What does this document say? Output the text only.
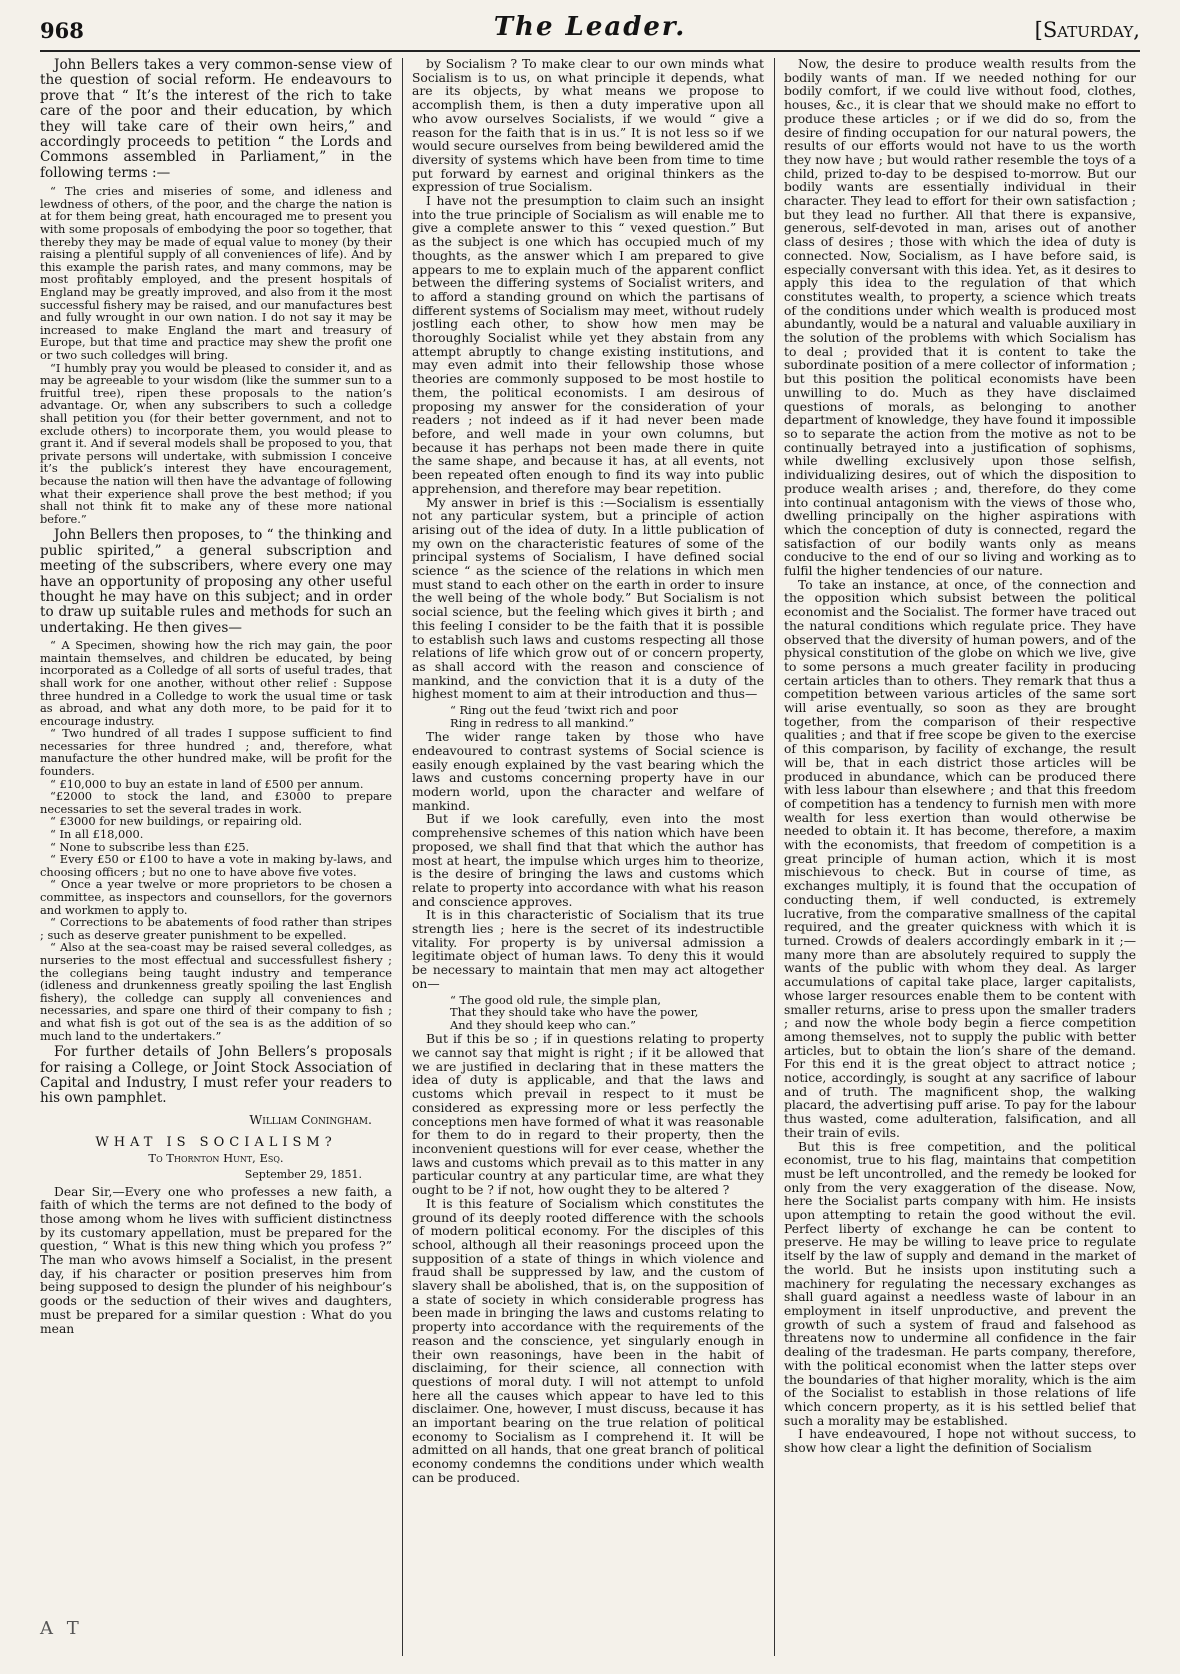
968	The Leader.	[Saturday,

John Bellers takes a very common-sense view of the question of social reform. He endeavours to prove that “ It’s the interest of the rich to take care of the poor and their education, by which they will take care of their own heirs,” and accordingly proceeds to petition “ the Lords and Commons assembled in Parliament,” in the following terms :—

“ The cries and miseries of some, and idleness and lewdness of others, of the poor, and the charge the nation is at for them being great, hath encouraged me to present you with some proposals of embodying the poor so together, that thereby they may be made of equal value to money (by their raising a plentiful supply of all conveniences of life). And by this example the parish rates, and many commons, may be most profitably employed, and the present hospitals of England may be greatly improved, and also from it the most successful fishery may be raised, and our manufactures best and fully wrought in our own nation. I do not say it may be increased to make England the mart and treasury of Europe, but that time and practice may shew the profit one or two such colledges will bring.

“I humbly pray you would be pleased to consider it, and as may be agreeable to your wisdom (like the summer sun to a fruitful tree), ripen these proposals to the nation’s advantage. Or, when any subscribers to such a colledge shall petition you (for their better government, and not to exclude others) to incorporate them, you would please to grant it. And if several models shall be proposed to you, that private persons will undertake, with submission I conceive it’s the publick’s interest they have encouragement, because the nation will then have the advantage of following what their experience shall prove the best method; if you shall not think fit to make any of these more national before.”

John Bellers then proposes, to “ the thinking and public spirited,” a general subscription and meeting of the subscribers, where every one may have an opportunity of proposing any other useful thought he may have on this subject; and in order to draw up suitable rules and methods for such an undertaking. He then gives—

“ A Specimen, showing how the rich may gain, the poor maintain themselves, and children be educated, by being incorporated as a Colledge of all sorts of useful trades, that shall work for one another, without other relief : Suppose three hundred in a Colledge to work the usual time or task as abroad, and what any doth more, to be paid for it to encourage industry.

“ Two hundred of all trades I suppose sufficient to find necessaries for three hundred ; and, therefore, what manufacture the other hundred make, will be profit for the founders.

“ £10,000 to buy an estate in land of £500 per annum.

“£2000 to stock the land, and £3000 to prepare necessaries to set the several trades in work.

“ £3000 for new buildings, or repairing old.

“ In all £18,000.

“ None to subscribe less than £25.

“ Every £50 or £100 to have a vote in making by-laws, and choosing officers ; but no one to have above five votes.

“ Once a year twelve or more proprietors to be chosen a committee, as inspectors and counsellors, for the governors and workmen to apply to.

“ Corrections to be abatements of food rather than stripes ; such as deserve greater punishment to be expelled.

“ Also at the sea-coast may be raised several colledges, as nurseries to the most effectual and successfullest fishery ; the collegians being taught industry and temperance (idleness and drunkenness greatly spoiling the last English fishery), the colledge can supply all conveniences and necessaries, and spare one third of their company to fish ; and what fish is got out of the sea is as the addition of so much land to the undertakers.”

For further details of John Bellers’s proposals for raising a College, or Joint Stock Association of Capital and Industry, I must refer your readers to his own pamphlet.

William Coningham.
WHAT IS SOCIALISM?
To Thornton Hunt, Esq.
September 29, 1851.

Dear Sir,—Every one who professes a new faith, a faith of which the terms are not defined to the body of those among whom he lives with sufficient distinctness by its customary appellation, must be prepared for the question, “ What is this new thing which you profess ?” The man who avows himself a Socialist, in the present day, if his character or position preserves him from being supposed to design the plunder of his neighbour’s goods or the seduction of their wives and daughters, must be prepared for a similar question : What do you mean

by Socialism ? To make clear to our own minds what Socialism is to us, on what principle it depends, what are its objects, by what means we propose to accomplish them, is then a duty imperative upon all who avow ourselves Socialists, if we would “ give a reason for the faith that is in us.” It is not less so if we would secure ourselves from being bewildered amid the diversity of systems which have been from time to time put forward by earnest and original thinkers as the expression of true Socialism.

I have not the presumption to claim such an insight into the true principle of Socialism as will enable me to give a complete answer to this “ vexed question.” But as the subject is one which has occupied much of my thoughts, as the answer which I am prepared to give appears to me to explain much of the apparent conflict between the differing systems of Socialist writers, and to afford a standing ground on which the partisans of different systems of Socialism may meet, without rudely jostling each other, to show how men may be thoroughly Socialist while yet they abstain from any attempt abruptly to change existing institutions, and may even admit into their fellowship those whose theories are commonly supposed to be most hostile to them, the political economists. I am desirous of proposing my answer for the consideration of your readers ; not indeed as if it had never been made before, and well made in your own columns, but because it has perhaps not been made there in quite the same shape, and because it has, at all events, not been repeated often enough to find its way into public apprehension, and therefore may bear repetition.

My answer in brief is this :—Socialism is essentially not any particular system, but a principle of action arising out of the idea of duty. In a little publication of my own on the characteristic features of some of the principal systems of Socialism, I have defined social science “ as the science of the relations in which men must stand to each other on the earth in order to insure the well being of the whole body.” But Socialism is not social science, but the feeling which gives it birth ; and this feeling I consider to be the faith that it is possible to establish such laws and customs respecting all those relations of life which grow out of or concern property, as shall accord with the reason and conscience of mankind, and the conviction that it is a duty of the highest moment to aim at their introduction and thus—

“ Ring out the feud ’twixt rich and poor
Ring in redress to all mankind.”

The wider range taken by those who have endeavoured to contrast systems of Social science is easily enough explained by the vast bearing which the laws and customs concerning property have in our modern world, upon the character and welfare of mankind.

But if we look carefully, even into the most comprehensive schemes of this nation which have been proposed, we shall find that that which the author has most at heart, the impulse which urges him to theorize, is the desire of bringing the laws and customs which relate to property into accordance with what his reason and conscience approves.

It is in this characteristic of Socialism that its true strength lies ; here is the secret of its indestructible vitality. For property is by universal admission a legitimate object of human laws. To deny this it would be necessary to maintain that men may act altogether on—

“ The good old rule, the simple plan,
That they should take who have the power,
And they should keep who can.”

But if this be so ; if in questions relating to property we cannot say that might is right ; if it be allowed that we are justified in declaring that in these matters the idea of duty is applicable, and that the laws and customs which prevail in respect to it must be considered as expressing more or less perfectly the conceptions men have formed of what it was reasonable for them to do in regard to their property, then the inconvenient questions will for ever cease, whether the laws and customs which prevail as to this matter in any particular country at any particular time, are what they ought to be ? if not, how ought they to be altered ?

It is this feature of Socialism which constitutes the ground of its deeply rooted difference with the schools of modern political economy. For the disciples of this school, although all their reasonings proceed upon the supposition of a state of things in which violence and fraud shall be suppressed by law, and the custom of slavery shall be abolished, that is, on the supposition of a state of society in which considerable progress has been made in bringing the laws and customs relating to property into accordance with the requirements of the reason and the conscience, yet singularly enough in their own reasonings, have been in the habit of disclaiming, for their science, all connection with questions of moral duty. I will not attempt to unfold here all the causes which appear to have led to this disclaimer. One, however, I must discuss, because it has an important bearing on the true relation of political economy to Socialism as I comprehend it. It will be admitted on all hands, that one great branch of political economy condemns the conditions under which wealth can be produced.

Now, the desire to produce wealth results from the bodily wants of man. If we needed nothing for our bodily comfort, if we could live without food, clothes, houses, &c., it is clear that we should make no effort to produce these articles ; or if we did do so, from the desire of finding occupation for our natural powers, the results of our efforts would not have to us the worth they now have ; but would rather resemble the toys of a child, prized to-day to be despised to-morrow. But our bodily wants are essentially individual in their character. They lead to effort for their own satisfaction ; but they lead no further. All that there is expansive, generous, self-devoted in man, arises out of another class of desires ; those with which the idea of duty is connected. Now, Socialism, as I have before said, is especially conversant with this idea. Yet, as it desires to apply this idea to the regulation of that which constitutes wealth, to property, a science which treats of the conditions under which wealth is produced most abundantly, would be a natural and valuable auxiliary in the solution of the problems with which Socialism has to deal ; provided that it is content to take the subordinate position of a mere collector of information ; but this position the political economists have been unwilling to do. Much as they have disclaimed questions of morals, as belonging to another department of knowledge, they have found it impossible so to separate the action from the motive as not to be continually betrayed into a justification of sophisms, while dwelling exclusively upon those selfish, individualizing desires, out of which the disposition to produce wealth arises ; and, therefore, do they come into continual antagonism with the views of those who, dwelling principally on the higher aspirations with which the conception of duty is connected, regard the satisfaction of our bodily wants only as means conducive to the end of our so living and working as to fulfil the higher tendencies of our nature.

To take an instance, at once, of the connection and the opposition which subsist between the political economist and the Socialist. The former have traced out the natural conditions which regulate price. They have observed that the diversity of human powers, and of the physical constitution of the globe on which we live, give to some persons a much greater facility in producing certain articles than to others. They remark that thus a competition between various articles of the same sort will arise eventually, so soon as they are brought together, from the comparison of their respective qualities ; and that if free scope be given to the exercise of this comparison, by facility of exchange, the result will be, that in each district those articles will be produced in abundance, which can be produced there with less labour than elsewhere ; and that this freedom of competition has a tendency to furnish men with more wealth for less exertion than would otherwise be needed to obtain it. It has become, therefore, a maxim with the economists, that freedom of competition is a great principle of human action, which it is most mischievous to check. But in course of time, as exchanges multiply, it is found that the occupation of conducting them, if well conducted, is extremely lucrative, from the comparative smallness of the capital required, and the greater quickness with which it is turned. Crowds of dealers accordingly embark in it ;—many more than are absolutely required to supply the wants of the public with whom they deal. As larger accumulations of capital take place, larger capitalists, whose larger resources enable them to be content with smaller returns, arise to press upon the smaller traders ; and now the whole body begin a fierce competition among themselves, not to supply the public with better articles, but to obtain the lion’s share of the demand. For this end it is the great object to attract notice ; notice, accordingly, is sought at any sacrifice of labour and of truth. The magnificent shop, the walking placard, the advertising puff arise. To pay for the labour thus wasted, come adulteration, falsification, and all their train of evils.

But this is free competition, and the political economist, true to his flag, maintains that competition must be left uncontrolled, and the remedy be looked for only from the very exaggeration of the disease. Now, here the Socialist parts company with him. He insists upon attempting to retain the good without the evil. Perfect liberty of exchange he can be content to preserve. He may be willing to leave price to regulate itself by the law of supply and demand in the market of the world. But he insists upon instituting such a machinery for regulating the necessary exchanges as shall guard against a needless waste of labour in an employment in itself unproductive, and prevent the growth of such a system of fraud and falsehood as threatens now to undermine all confidence in the fair dealing of the tradesman. He parts company, therefore, with the political economist when the latter steps over the boundaries of that higher morality, which is the aim of the Socialist to establish in those relations of life which concern property, as it is his settled belief that such a morality may be established.

I have endeavoured, I hope not without success, to show how clear a light the definition of Socialism

A T
